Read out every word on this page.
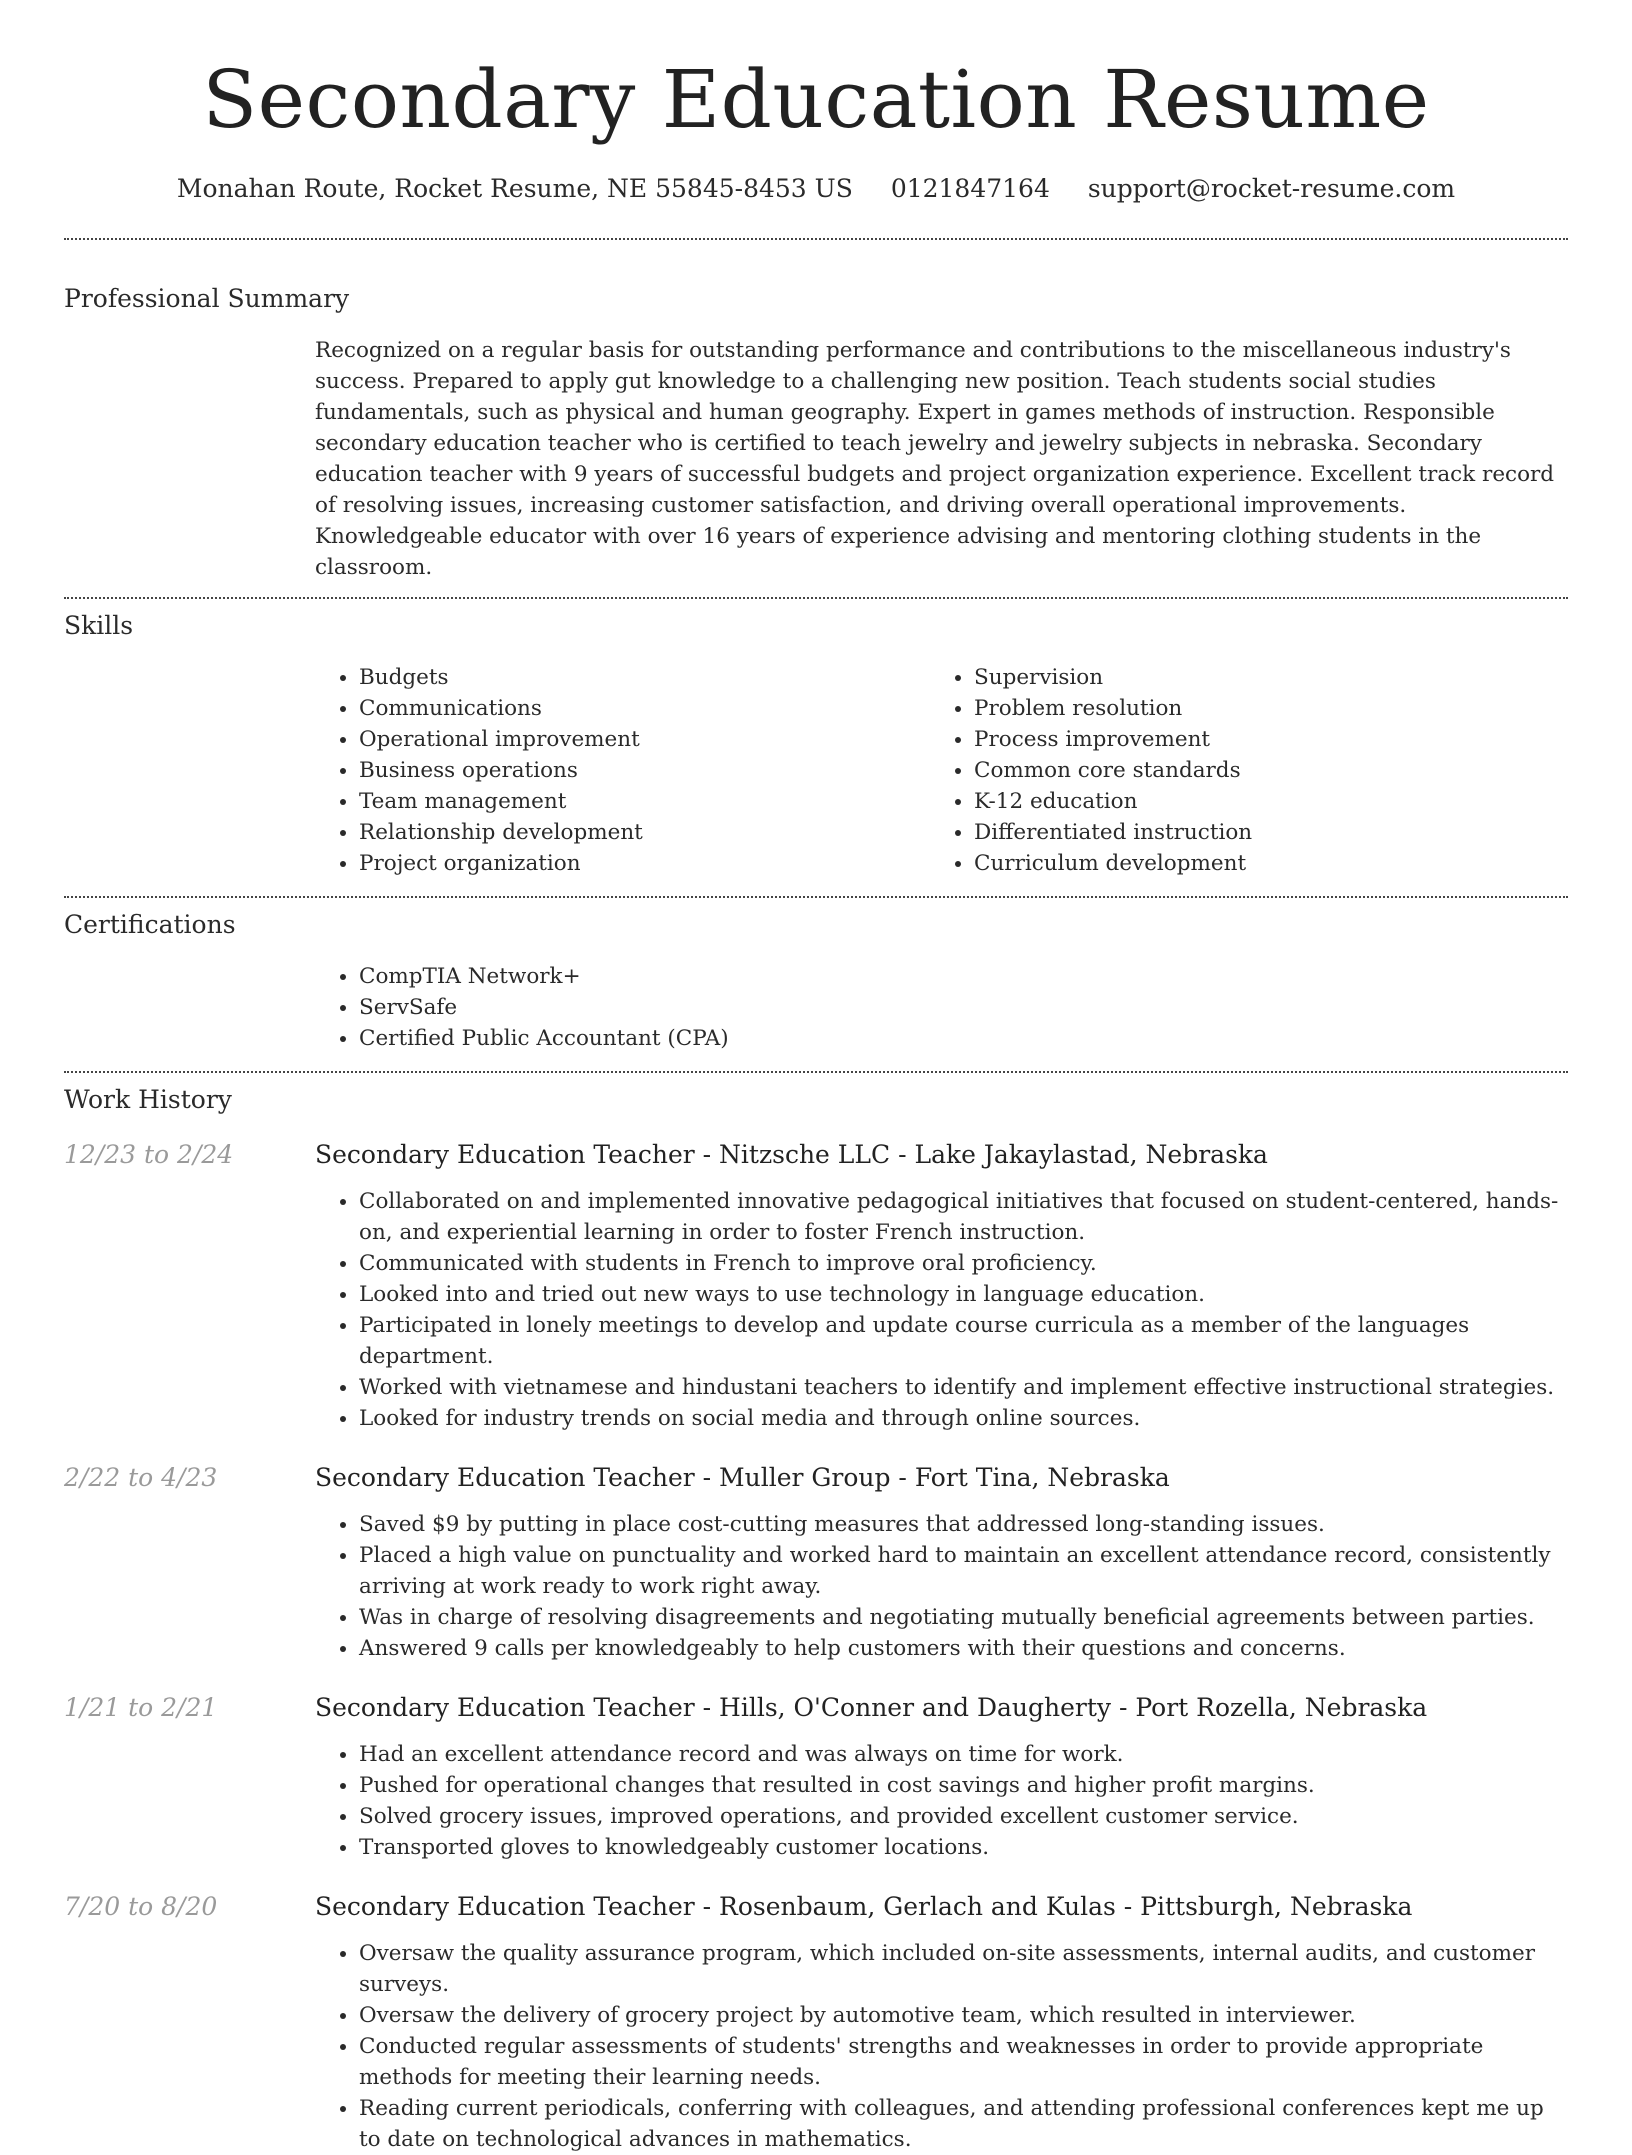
Secondary Education Resume
Monahan Route, Rocket Resume, NE 55845-8453 US 0121847164 support@rocket-resume.com
Professional Summary
Recognized on a regular basis for outstanding performance and contributions to the miscellaneous industry's success. Prepared to apply gut knowledge to a challenging new position. Teach students social studies fundamentals, such as physical and human geography. Expert in games methods of instruction. Responsible secondary education teacher who is certified to teach jewelry and jewelry subjects in nebraska. Secondary education teacher with 9 years of successful budgets and project organization experience. Excellent track record of resolving issues, increasing customer satisfaction, and driving overall operational improvements. Knowledgeable educator with over 16 years of experience advising and mentoring clothing students in the classroom.
Skills
• Budgets
• Communications
• Operational improvement
• Business operations
• Team management
• Relationship development
• Project organization
• Supervision
• Problem resolution
• Process improvement
• Common core standards
• K-12 education
• Differentiated instruction
• Curriculum development
Certifications
• CompTIA Network+
• ServSafe
• Certified Public Accountant (CPA)
Work History
12/23 to 2/24	Secondary Education Teacher - Nitzsche LLC - Lake Jakaylastad, Nebraska
• Collaborated on and implemented innovative pedagogical initiatives that focused on student-centered, hands-on, and experiential learning in order to foster French instruction.
• Communicated with students in French to improve oral proficiency.
• Looked into and tried out new ways to use technology in language education.
• Participated in lonely meetings to develop and update course curricula as a member of the languages department.
• Worked with vietnamese and hindustani teachers to identify and implement effective instructional strategies.
• Looked for industry trends on social media and through online sources.
2/22 to 4/23	Secondary Education Teacher - Muller Group - Fort Tina, Nebraska
• Saved $9 by putting in place cost-cutting measures that addressed long-standing issues.
• Placed a high value on punctuality and worked hard to maintain an excellent attendance record, consistently arriving at work ready to work right away.
• Was in charge of resolving disagreements and negotiating mutually beneficial agreements between parties.
• Answered 9 calls per knowledgeably to help customers with their questions and concerns.
1/21 to 2/21	Secondary Education Teacher - Hills, O'Conner and Daugherty - Port Rozella, Nebraska
• Had an excellent attendance record and was always on time for work.
• Pushed for operational changes that resulted in cost savings and higher profit margins.
• Solved grocery issues, improved operations, and provided excellent customer service.
• Transported gloves to knowledgeably customer locations.
7/20 to 8/20	Secondary Education Teacher - Rosenbaum, Gerlach and Kulas - Pittsburgh, Nebraska
• Oversaw the quality assurance program, which included on-site assessments, internal audits, and customer surveys.
• Oversaw the delivery of grocery project by automotive team, which resulted in interviewer.
• Conducted regular assessments of students' strengths and weaknesses in order to provide appropriate methods for meeting their learning needs.
• Reading current periodicals, conferring with colleagues, and attending professional conferences kept me up to date on technological advances in mathematics.
